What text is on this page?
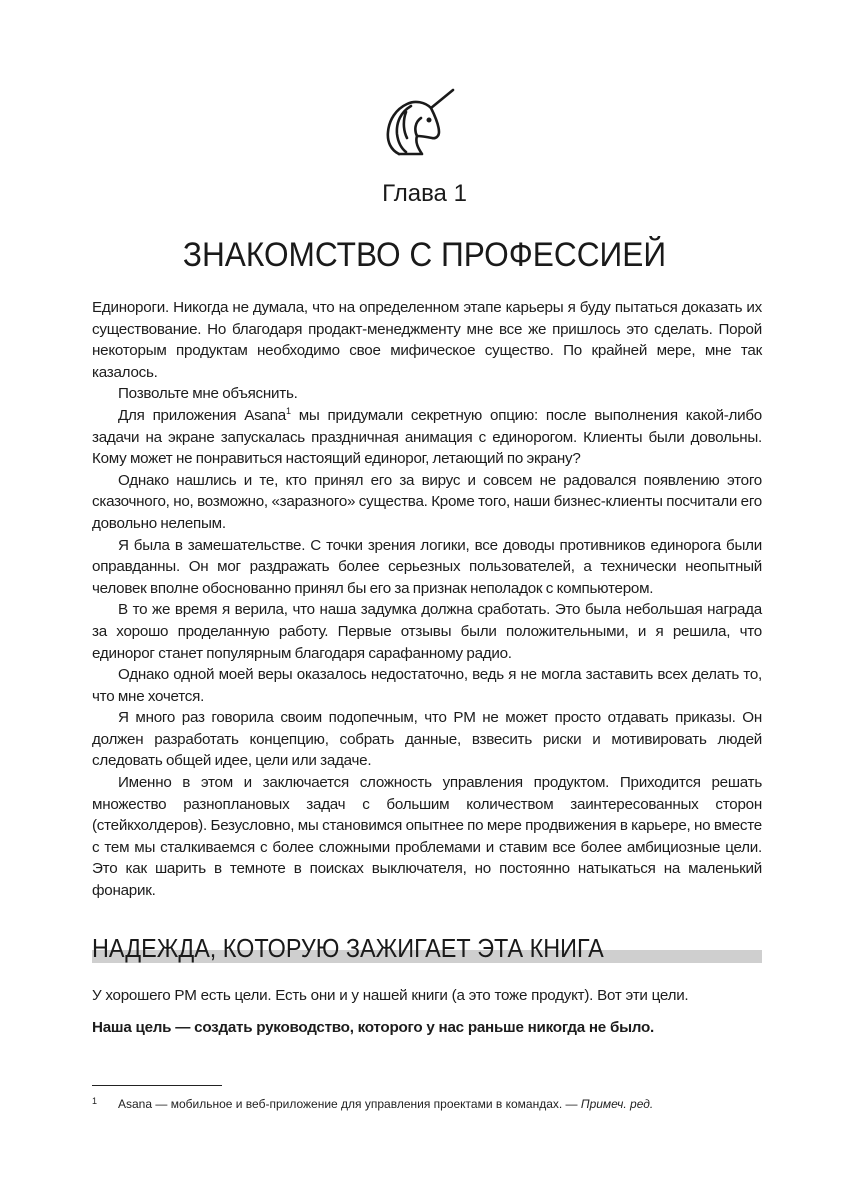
Глава 1
ЗНАКОМСТВО С ПРОФЕССИЕЙ

Единороги. Никогда не думала, что на определенном этапе карьеры я буду пытаться доказать их существование. Но благодаря продакт-менеджменту мне все же пришлось это сделать. Порой некоторым продуктам необходимо свое мифическое существо. По крайней мере, мне так казалось.

Позвольте мне объяснить.

Для приложения Asana$^1$ мы придумали секретную опцию: после выполнения какой-либо задачи на экране запускалась праздничная анимация с единорогом. Клиенты были довольны. Кому может не понравиться настоящий единорог, летающий по экрану?

Однако нашлись и те, кто принял его за вирус и совсем не радовался появлению этого сказочного, но, возможно, «заразного» существа. Кроме того, наши бизнес-клиенты посчитали его довольно нелепым.

Я была в замешательстве. С точки зрения логики, все доводы противников единорога были оправданны. Он мог раздражать более серьезных пользователей, а технически неопытный человек вполне обоснованно принял бы его за признак неполадок с компьютером.

В то же время я верила, что наша задумка должна сработать. Это была небольшая награда за хорошо проделанную работу. Первые отзывы были положительными, и я решила, что единорог станет популярным благодаря сарафанному радио.

Однако одной моей веры оказалось недостаточно, ведь я не могла заставить всех делать то, что мне хочется.

Я много раз говорила своим подопечным, что PM не может просто отдавать приказы. Он должен разработать концепцию, собрать данные, взвесить риски и мотивировать людей следовать общей идее, цели или задаче.

Именно в этом и заключается сложность управления продуктом. Приходится решать множество разноплановых задач с большим количеством заинтересованных сторон (стейкхолдеров). Безусловно, мы становимся опытнее по мере продвижения в карьере, но вместе с тем мы сталкиваемся с более сложными проблемами и ставим все более амбициозные цели. Это как шарить в темноте в поисках выключателя, но постоянно натыкаться на маленький фонарик.

НАДЕЖДА, КОТОРУЮ ЗАЖИГАЕТ ЭТА КНИГА
У хорошего PM есть цели. Есть они и у нашей книги (а это тоже продукт). Вот эти цели.
Наша цель — создать руководство, которого у нас раньше никогда не было.
1 Asana — мобильное и веб-приложение для управления проектами в командах. — Примеч. ред.
